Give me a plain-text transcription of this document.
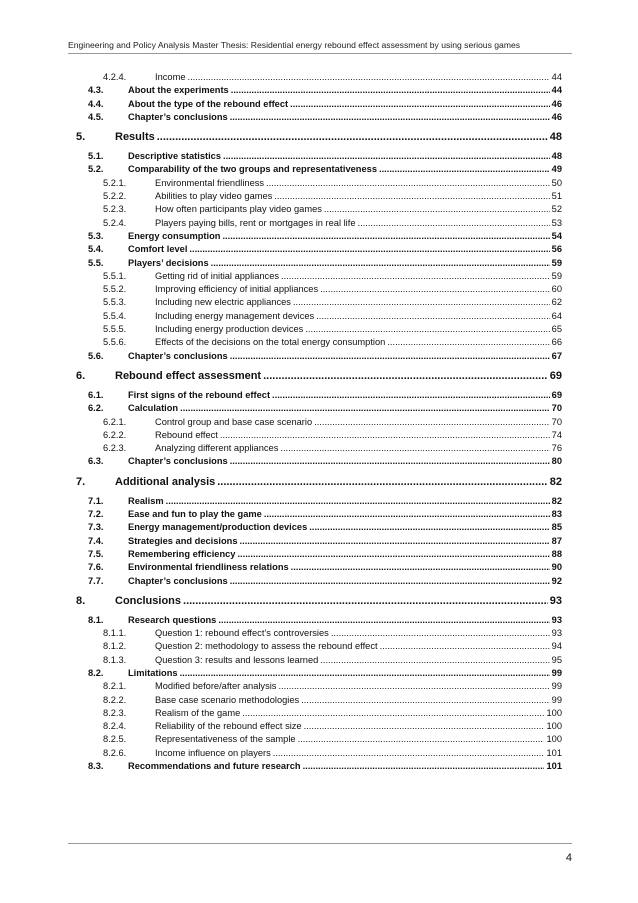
Engineering and Policy Analysis Master Thesis: Residential energy rebound effect assessment by using serious games
4.2.4.	Income .....	44
4.3.	About the experiments .....	44
4.4.	About the type of the rebound effect .....	46
4.5.	Chapter’s conclusions .....	46
5.	Results .....	48
5.1.	Descriptive statistics .....	48
5.2.	Comparability of the two groups and representativeness .....	49
5.2.1.	Environmental friendliness .....	50
5.2.2.	Abilities to play video games .....	51
5.2.3.	How often participants play video games .....	52
5.2.4.	Players paying bills, rent or mortgages in real life .....	53
5.3.	Energy consumption .....	54
5.4.	Comfort level .....	56
5.5.	Players’ decisions .....	59
5.5.1.	Getting rid of initial appliances .....	59
5.5.2.	Improving efficiency of initial appliances .....	60
5.5.3.	Including new electric appliances .....	62
5.5.4.	Including energy management devices .....	64
5.5.5.	Including energy production devices .....	65
5.5.6.	Effects of the decisions on the total energy consumption .....	66
5.6.	Chapter’s conclusions .....	67
6.	Rebound effect assessment .....	69
6.1.	First signs of the rebound effect .....	69
6.2.	Calculation .....	70
6.2.1.	Control group and base case scenario .....	70
6.2.2.	Rebound effect .....	74
6.2.3.	Analyzing different appliances .....	76
6.3.	Chapter’s conclusions .....	80
7.	Additional analysis .....	82
7.1.	Realism .....	82
7.2.	Ease and fun to play the game .....	83
7.3.	Energy management/production devices .....	85
7.4.	Strategies and decisions .....	87
7.5.	Remembering efficiency .....	88
7.6.	Environmental friendliness relations .....	90
7.7.	Chapter’s conclusions .....	92
8.	Conclusions .....	93
8.1.	Research questions .....	93
8.1.1.	Question 1: rebound effect’s controversies .....	93
8.1.2.	Question 2: methodology to assess the rebound effect .....	94
8.1.3.	Question 3: results and lessons learned .....	95
8.2.	Limitations .....	99
8.2.1.	Modified before/after analysis .....	99
8.2.2.	Base case scenario methodologies .....	99
8.2.3.	Realism of the game .....	100
8.2.4.	Reliability of the rebound effect size .....	100
8.2.5.	Representativeness of the sample .....	100
8.2.6.	Income influence on players .....	101
8.3.	Recommendations and future research .....	101
4
